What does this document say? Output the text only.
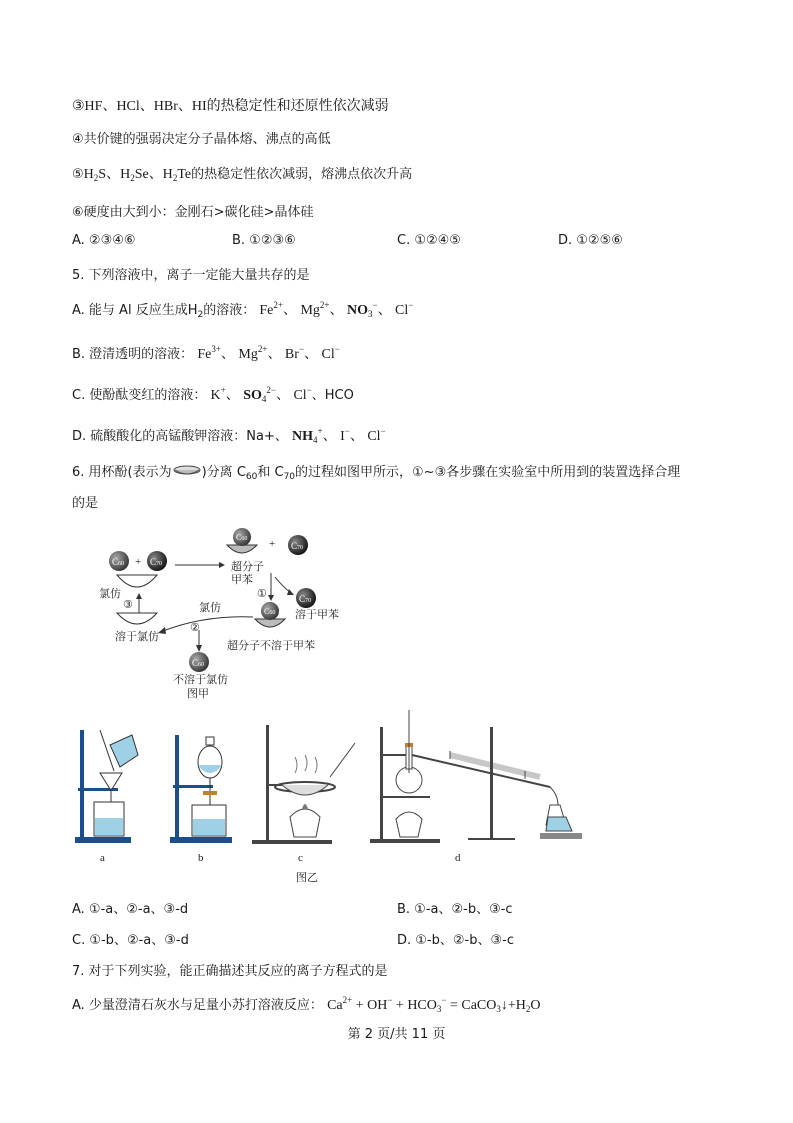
③HF、HCl、HBr、HI的热稳定性和还原性依次减弱
④共价键的强弱决定分子晶体熔、沸点的高低
$⑤H_2S$、$H_2Se$、$H_2Te$的热稳定性依次减弱，熔沸点依次升高
⑥硬度由大到小：金刚石>碳化硅>晶体硅
A. ②③④⑥	B. ①②③⑥	C. ①②④⑤	D. ①②⑤⑥
5. 下列溶液中，离子一定能大量共存的是
A. 能与 Al 反应生成$H_2$的溶液： $Fe^{2+}$、 $Mg^{2+}$、 $NO_3^-$、 Cl−
B. 澄清透明的溶液： $Fe^{3+}$、 $Mg^{2+}$、 Br−、 Cl−
C. 使酚酞变红的溶液： K+、 $SO_4^{2-}$、 Cl−、HCO
D. 硫酸酸化的高锰酸钾溶液：Na+、 $NH_4^+$、 I−、 Cl−
6. 用杯酚(表示为 )分离 $C_{60}$和 $C_{70}$的过程如图甲所示，①~③各步骤在实验室中所用到的装置选择合理
的是
C60 + C70
C60 + C70
超分子
甲苯
①	C70
溶于甲苯
C60
超分子不溶于甲苯
氯仿
②
C60
不溶于氯仿
图甲
氯仿
③
溶于氯仿
a	b	c	d
图乙
A. ①-a、②-a、③-d	B. ①-a、②-b、③-c
C. ①-b、②-a、③-d	D. ①-b、②-b、③-c
7. 对于下列实验，能正确描述其反应的离子方程式的是
A. 少量澄清石灰水与足量小苏打溶液反应： $Ca^{2+} + OH^- + HCO_3^-$ = $CaCO_3↓+H_2O$
第 2 页/共 11 页
